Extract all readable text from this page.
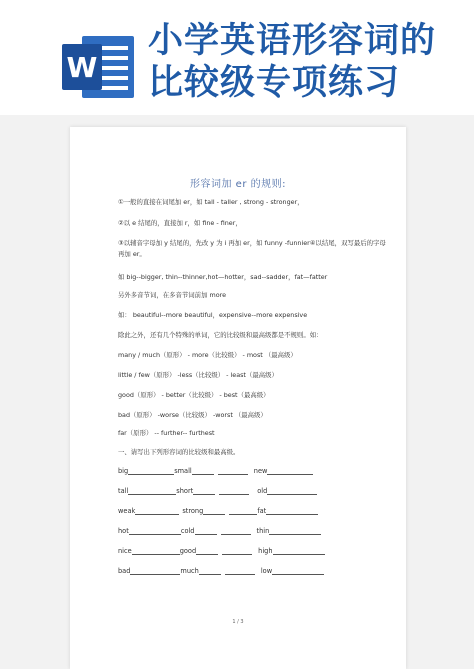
W
小学英语形容词的
比较级专项练习
形容词加 er 的规则:
①一般的直接在词尾加 er，如 tall - taller , strong - stronger，
②以 e 结尾的，直接加 r，如 fine - finer，
③以辅音字母加 y 结尾的，先改 y 为 i 再加 er，如 funny -funnier④以结尾，双写最后的字母再加 er。
如 big--bigger, thin--thinner,hot—hotter，sad--sadder，fat—fatter
另外多音节词，在多音节词前加 more
如： beautiful--more beautiful，expensive--more expensive
除此之外，还有几个特殊的单词，它的比较级和最高级都是不规则。如：
many / much（原形） - more（比较级） - most （最高级）
little / few（原形） -less（比较级） - least（最高级）
good（原形） - better（比较级） - best（最高级）
bad（原形） -worse（比较级） -worst （最高级）
far（原形） -- further-- furthest
一、请写出下列形容词的比较级和最高级。
big	small	new
tall	short	old
weak	strong	fat
hot	cold	thin
nice	good	high
bad	much	low
1 / 3
